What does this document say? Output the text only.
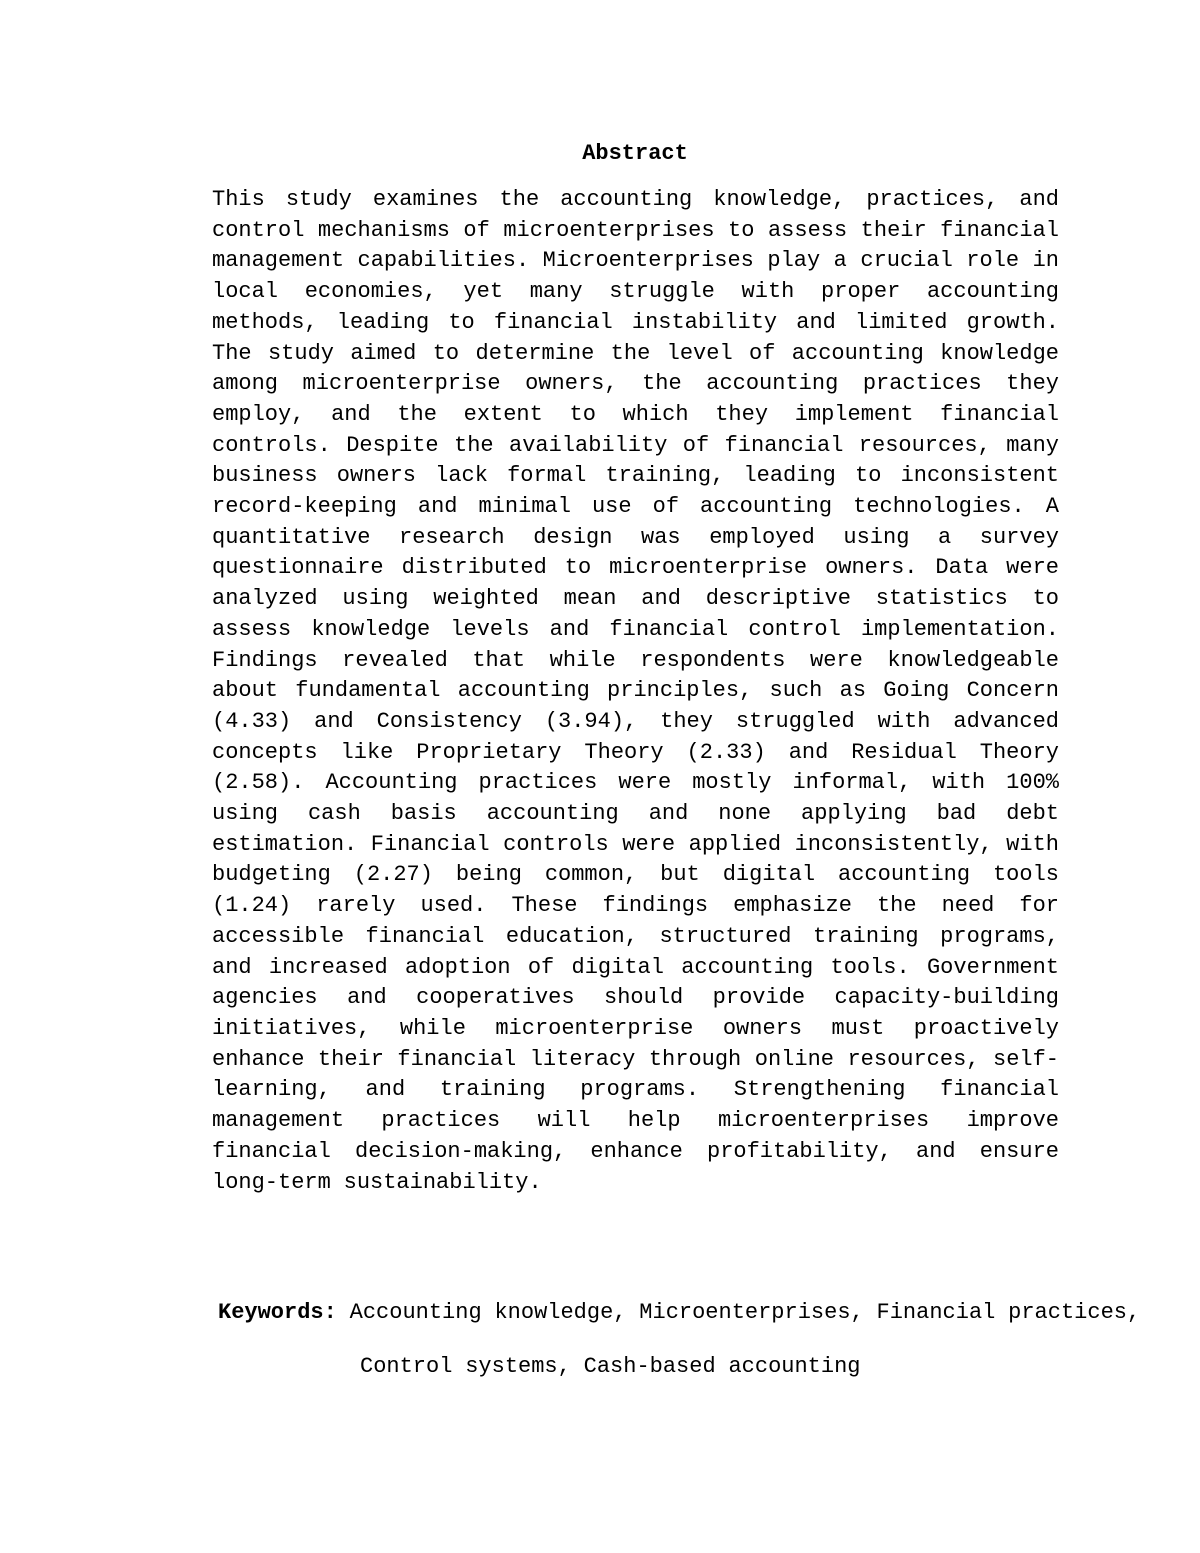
Abstract

This study examines the accounting knowledge, practices, and control mechanisms of microenterprises to assess their financial management capabilities. Microenterprises play a crucial role in local economies, yet many struggle with proper accounting methods, leading to financial instability and limited growth. The study aimed to determine the level of accounting knowledge among microenterprise owners, the accounting practices they employ, and the extent to which they implement financial controls. Despite the availability of financial resources, many business owners lack formal training, leading to inconsistent record-keeping and minimal use of accounting technologies. A quantitative research design was employed using a survey questionnaire distributed to microenterprise owners. Data were analyzed using weighted mean and descriptive statistics to assess knowledge levels and financial control implementation. Findings revealed that while respondents were knowledgeable about fundamental accounting principles, such as Going Concern (4.33) and Consistency (3.94), they struggled with advanced concepts like Proprietary Theory (2.33) and Residual Theory (2.58). Accounting practices were mostly informal, with 100% using cash basis accounting and none applying bad debt estimation. Financial controls were applied inconsistently, with budgeting (2.27) being common, but digital accounting tools (1.24) rarely used. These findings emphasize the need for accessible financial education, structured training programs, and increased adoption of digital accounting tools. Government agencies and cooperatives should provide capacity-building initiatives, while microenterprise owners must proactively enhance their financial literacy through online resources, self-learning, and training programs. Strengthening financial management practices will help microenterprises improve financial decision-making, enhance profitability, and ensure long-term sustainability.

Keywords: Accounting knowledge, Microenterprises, Financial practices, Control systems, Cash-based accounting
